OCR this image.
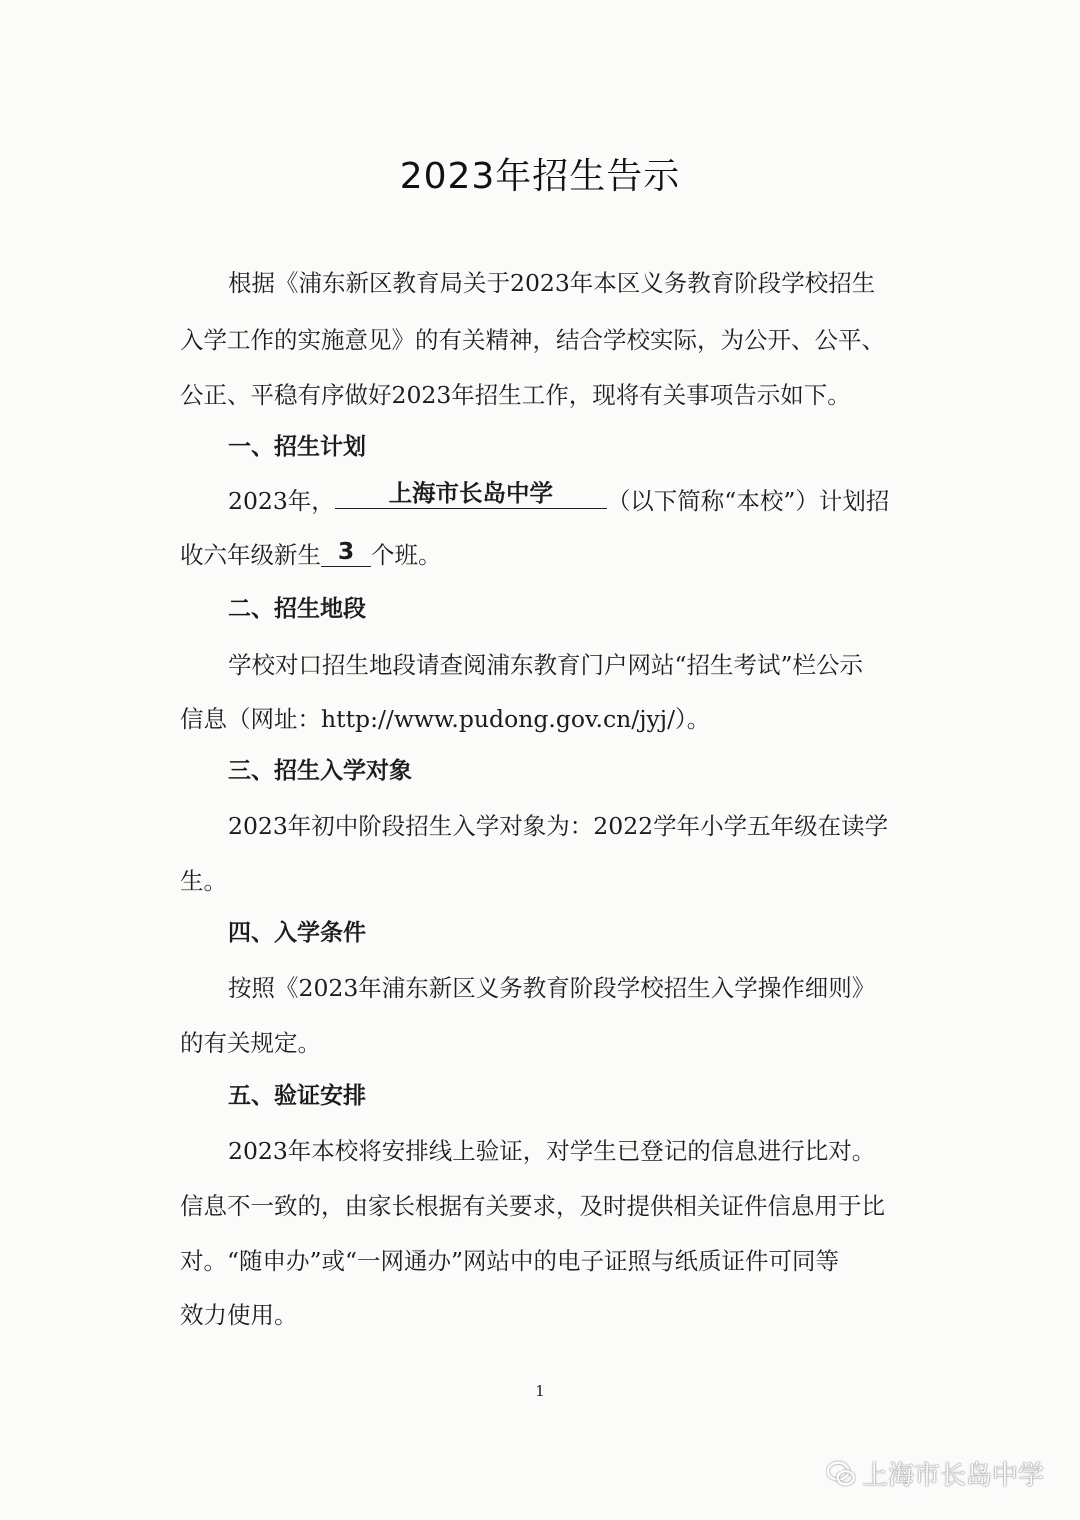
2023年招生告示
根据《浦东新区教育局关于2023年本区义务教育阶段学校招生
入学工作的实施意见》的有关精神，结合学校实际，为公开、公平、
公正、平稳有序做好2023年招生工作，现将有关事项告示如下。
一、招生计划
2023年， 上海市长岛中学 （以下简称“本校”）计划招
收六年级新生 3 个班。
二、招生地段
学校对口招生地段请查阅浦东教育门户网站“招生考试”栏公示
信息（网址：http://www.pudong.gov.cn/jyj/）。
三、招生入学对象
2023年初中阶段招生入学对象为：2022学年小学五年级在读学
生。
四、入学条件
按照《2023年浦东新区义务教育阶段学校招生入学操作细则》
的有关规定。
五、验证安排
2023年本校将安排线上验证，对学生已登记的信息进行比对。
信息不一致的，由家长根据有关要求，及时提供相关证件信息用于比
对。“随申办”或“一网通办”网站中的电子证照与纸质证件可同等
效力使用。
1
上海市长岛中学
